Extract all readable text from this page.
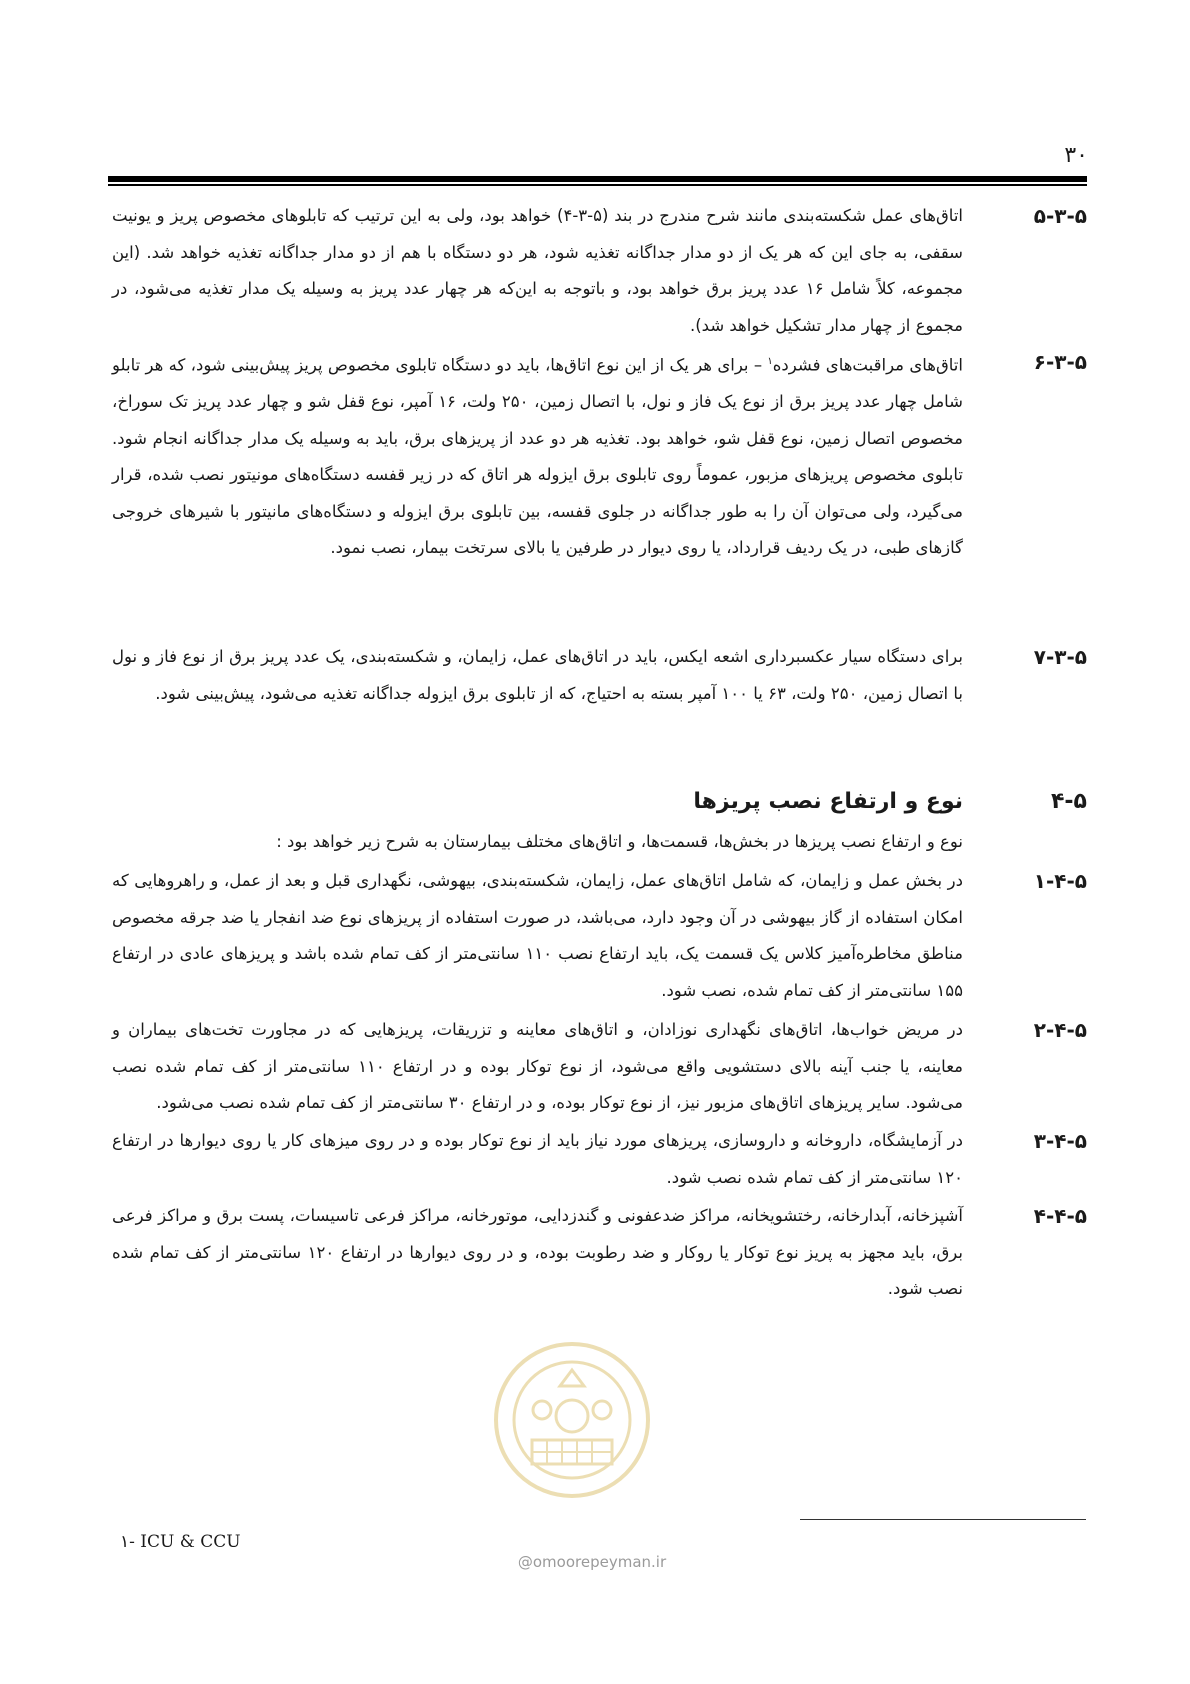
۳۰
۵-۳-۵
اتاق‌های عمل شکسته‌بندی مانند شرح مندرج در بند (۵-۳-۴) خواهد بود، ولی به این ترتیب که تابلوهای مخصوص پریز و یونیت سقفی، به جای این که هر یک از دو مدار جداگانه تغذیه شود، هر دو دستگاه با هم از دو مدار جداگانه تغذیه خواهد شد. (این مجموعه، کلاً شامل ۱۶ عدد پریز برق خواهد بود، و باتوجه به این‌که هر چهار عدد پریز به وسیله یک مدار تغذیه می‌شود، در مجموع از چهار مدار تشکیل خواهد شد).
۶-۳-۵
اتاق‌های مراقبت‌های فشرده$^۱$ – برای هر یک از این نوع اتاق‌ها، باید دو دستگاه تابلوی مخصوص پریز پیش‌بینی شود، که هر تابلو شامل چهار عدد پریز برق از نوع یک فاز و نول، با اتصال زمین، ۲۵۰ ولت، ۱۶ آمپر، نوع قفل شو و چهار عدد پریز تک سوراخ، مخصوص اتصال زمین، نوع قفل شو، خواهد بود. تغذیه هر دو عدد از پریزهای برق، باید به وسیله یک مدار جداگانه انجام شود. تابلوی مخصوص پریزهای مزبور، عموماً روی تابلوی برق ایزوله هر اتاق که در زیر قفسه دستگاه‌های مونیتور نصب شده، قرار می‌گیرد، ولی می‌توان آن را به طور جداگانه در جلوی قفسه، بین تابلوی برق ایزوله و دستگاه‌های مانیتور با شیرهای خروجی گازهای طبی، در یک ردیف قرارداد، یا روی دیوار در طرفین یا بالای سرتخت بیمار، نصب نمود.
۷-۳-۵
برای دستگاه سیار عکسبرداری اشعه ایکس، باید در اتاق‌های عمل، زایمان، و شکسته‌بندی، یک عدد پریز برق از نوع فاز و نول با اتصال زمین، ۲۵۰ ولت، ۶۳ یا ۱۰۰ آمپر بسته به احتیاج، که از تابلوی برق ایزوله جداگانه تغذیه می‌شود، پیش‌بینی شود.
۴-۵
نوع و ارتفاع نصب پریزها
نوع و ارتفاع نصب پریزها در بخش‌ها، قسمت‌ها، و اتاق‌های مختلف بیمارستان به شرح زیر خواهد بود :
۱-۴-۵
در بخش عمل و زایمان، که شامل اتاق‌های عمل، زایمان، شکسته‌بندی، بیهوشی، نگهداری قبل و بعد از عمل، و راهروهایی که امکان استفاده از گاز بیهوشی در آن وجود دارد، می‌باشد، در صورت استفاده از پریزهای نوع ضد انفجار یا ضد جرقه مخصوص مناطق مخاطره‌آمیز کلاس یک قسمت یک، باید ارتفاع نصب ۱۱۰ سانتی‌متر از کف تمام شده باشد و پریزهای عادی در ارتفاع ۱۵۵ سانتی‌متر از کف تمام شده، نصب شود.
۲-۴-۵
در مریض خواب‌ها، اتاق‌های نگهداری نوزادان، و اتاق‌های معاینه و تزریقات، پریزهایی که در مجاورت تخت‌های بیماران و معاینه، یا جنب آینه بالای دستشویی واقع می‌شود، از نوع توکار بوده و در ارتفاع ۱۱۰ سانتی‌متر از کف تمام شده نصب می‌شود. سایر پریزهای اتاق‌های مزبور نیز، از نوع توکار بوده، و در ارتفاع ۳۰ سانتی‌متر از کف تمام شده نصب می‌شود.
۳-۴-۵
در آزمایشگاه، داروخانه و داروسازی، پریزهای مورد نیاز باید از نوع توکار بوده و در روی میزهای کار یا روی دیوارها در ارتفاع ۱۲۰ سانتی‌متر از کف تمام شده نصب شود.
۴-۴-۵
آشپزخانه، آبدارخانه، رختشویخانه، مراکز ضدعفونی و گندزدایی، موتورخانه، مراکز فرعی تاسیسات، پست برق و مراکز فرعی برق، باید مجهز به پریز نوع توکار یا روکار و ضد رطوبت بوده، و در روی دیوارها در ارتفاع ۱۲۰ سانتی‌متر از کف تمام شده نصب شود.
۱- ICU & CCU
@omoorepeyman.ir
